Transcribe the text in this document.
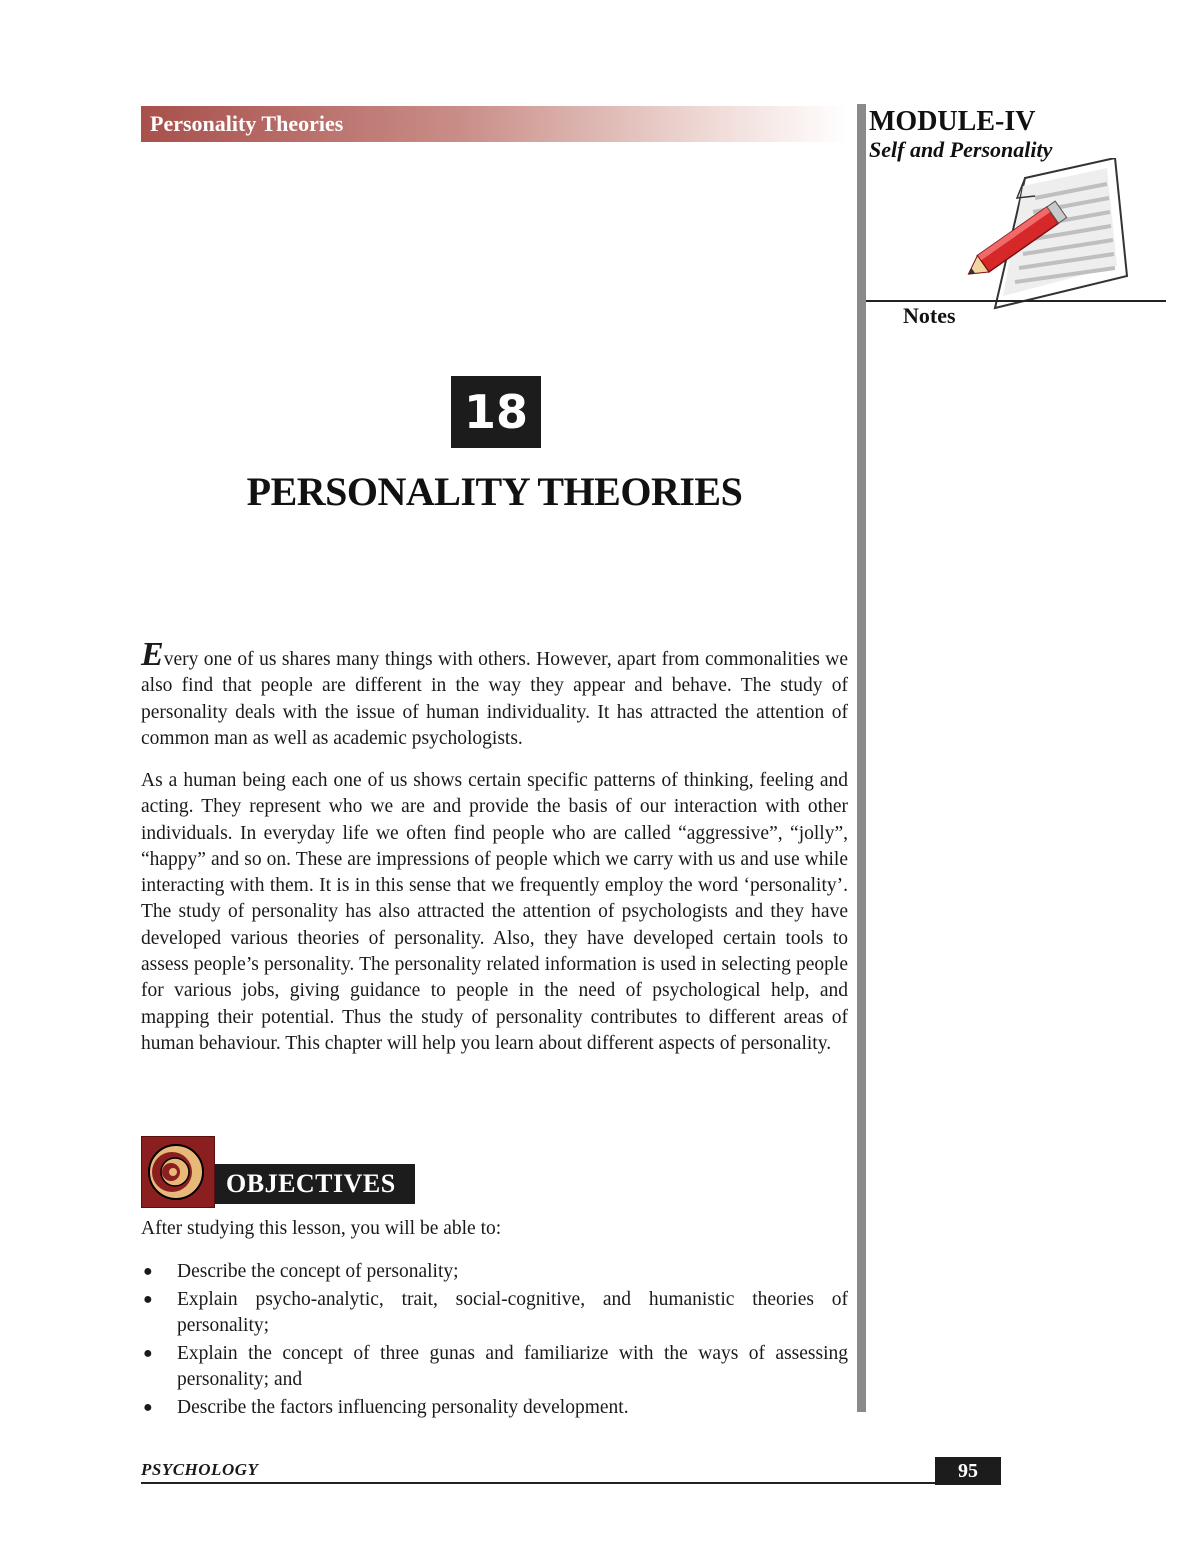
Personality Theories	MODULE-IV
Self and Personality
Notes
18
PERSONALITY THEORIES

Every one of us shares many things with others. However, apart from commonalities we also find that people are different in the way they appear and behave. The study of personality deals with the issue of human individuality. It has attracted the attention of common man as well as academic psychologists.

As a human being each one of us shows certain specific patterns of thinking, feeling and acting. They represent who we are and provide the basis of our interaction with other individuals. In everyday life we often find people who are called “aggressive”, “jolly”, “happy” and so on. These are impressions of people which we carry with us and use while interacting with them. It is in this sense that we frequently employ the word ‘personality’. The study of personality has also attracted the attention of psychologists and they have developed various theories of personality. Also, they have developed certain tools to assess people’s personality. The personality related information is used in selecting people for various jobs, giving guidance to people in the need of psychological help, and mapping their potential. Thus the study of personality contributes to different areas of human behaviour. This chapter will help you learn about different aspects of personality.

OBJECTIVES
After studying this lesson, you will be able to:
● Describe the concept of personality;
● Explain psycho-analytic, trait, social-cognitive, and humanistic theories of personality;
● Explain the concept of three gunas and familiarize with the ways of assessing personality; and
● Describe the factors influencing personality development.
PSYCHOLOGY	95
